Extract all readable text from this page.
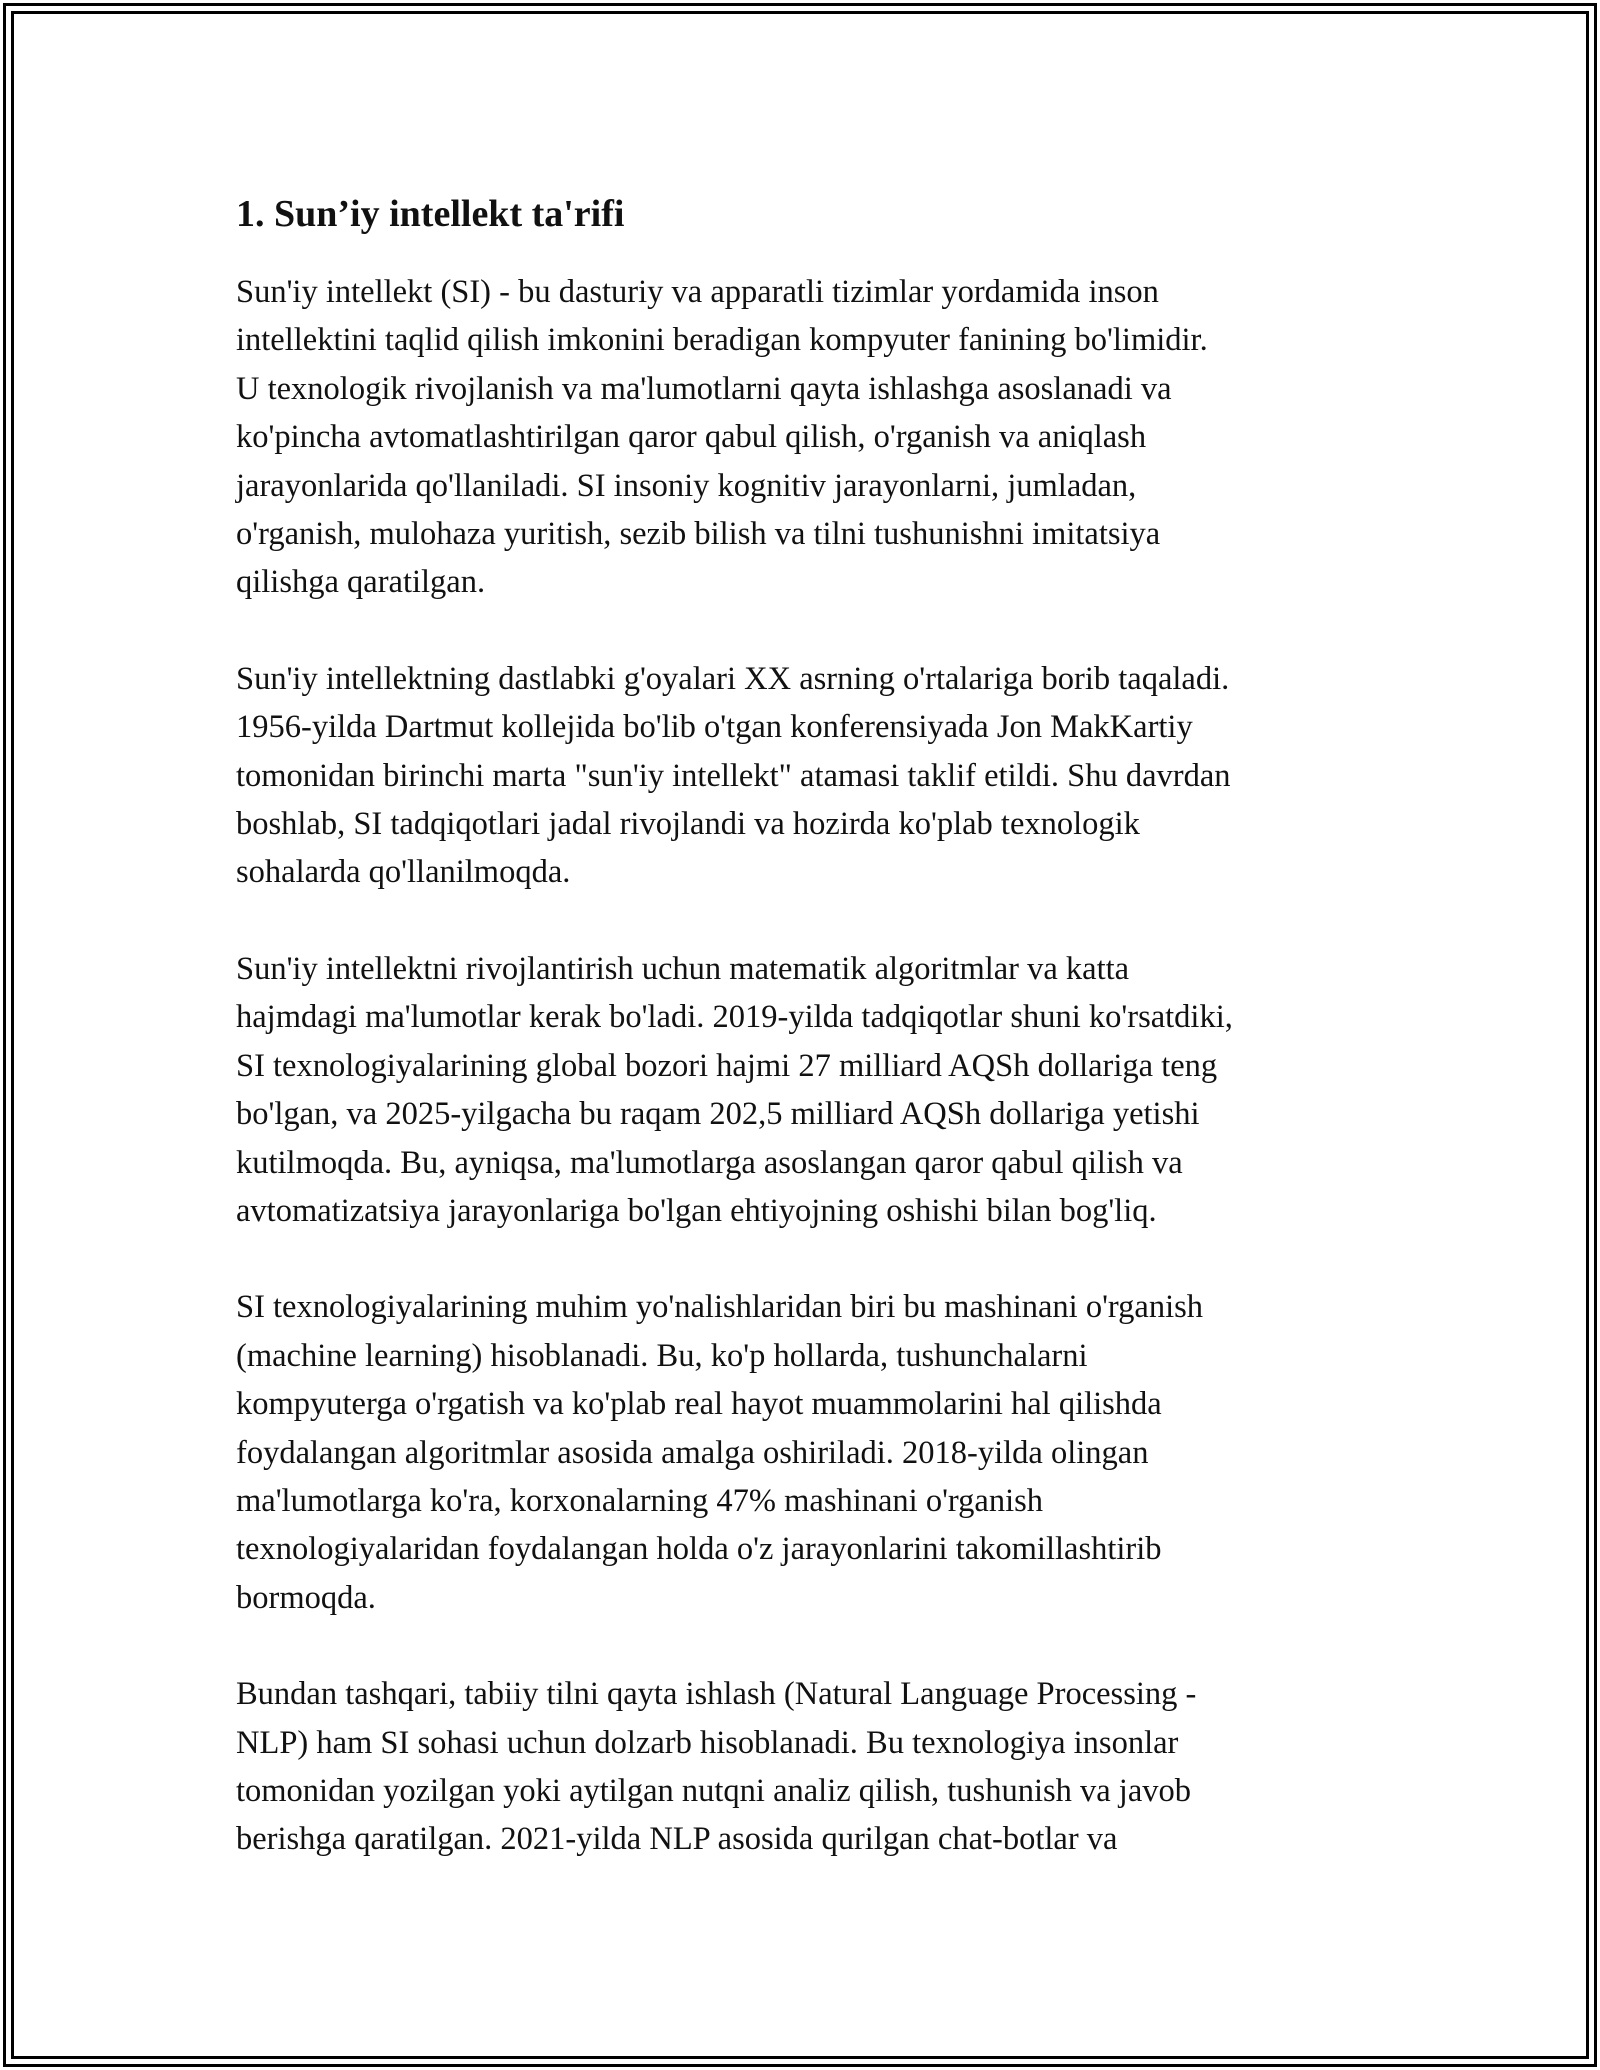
1. Sun’iy intellekt ta'rifi

Sun'iy intellekt (SI) - bu dasturiy va apparatli tizimlar yordamida inson
intellektini taqlid qilish imkonini beradigan kompyuter fanining bo'limidir.
U texnologik rivojlanish va ma'lumotlarni qayta ishlashga asoslanadi va
ko'pincha avtomatlashtirilgan qaror qabul qilish, o'rganish va aniqlash
jarayonlarida qo'llaniladi. SI insoniy kognitiv jarayonlarni, jumladan,
o'rganish, mulohaza yuritish, sezib bilish va tilni tushunishni imitatsiya
qilishga qaratilgan.

Sun'iy intellektning dastlabki g'oyalari XX asrning o'rtalariga borib taqaladi.
1956-yilda Dartmut kollejida bo'lib o'tgan konferensiyada Jon MakKartiy
tomonidan birinchi marta "sun'iy intellekt" atamasi taklif etildi. Shu davrdan
boshlab, SI tadqiqotlari jadal rivojlandi va hozirda ko'plab texnologik
sohalarda qo'llanilmoqda.

Sun'iy intellektni rivojlantirish uchun matematik algoritmlar va katta
hajmdagi ma'lumotlar kerak bo'ladi. 2019-yilda tadqiqotlar shuni ko'rsatdiki,
SI texnologiyalarining global bozori hajmi 27 milliard AQSh dollariga teng
bo'lgan, va 2025-yilgacha bu raqam 202,5 milliard AQSh dollariga yetishi
kutilmoqda. Bu, ayniqsa, ma'lumotlarga asoslangan qaror qabul qilish va
avtomatizatsiya jarayonlariga bo'lgan ehtiyojning oshishi bilan bog'liq.

SI texnologiyalarining muhim yo'nalishlaridan biri bu mashinani o'rganish
(machine learning) hisoblanadi. Bu, ko'p hollarda, tushunchalarni
kompyuterga o'rgatish va ko'plab real hayot muammolarini hal qilishda
foydalangan algoritmlar asosida amalga oshiriladi. 2018-yilda olingan
ma'lumotlarga ko'ra, korxonalarning 47% mashinani o'rganish
texnologiyalaridan foydalangan holda o'z jarayonlarini takomillashtirib
bormoqda.

Bundan tashqari, tabiiy tilni qayta ishlash (Natural Language Processing -
NLP) ham SI sohasi uchun dolzarb hisoblanadi. Bu texnologiya insonlar
tomonidan yozilgan yoki aytilgan nutqni analiz qilish, tushunish va javob
berishga qaratilgan. 2021-yilda NLP asosida qurilgan chat-botlar va
